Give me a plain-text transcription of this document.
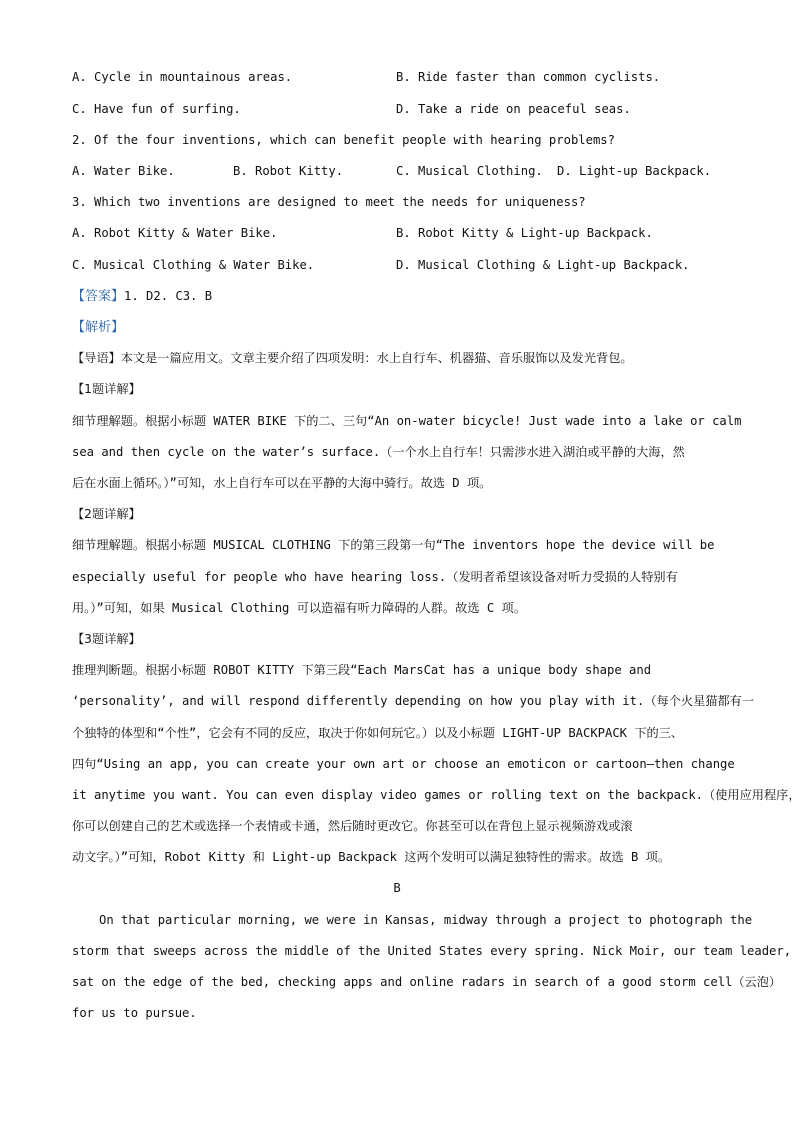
A. Cycle in mountainous areas.	B. Ride faster than common cyclists.
C. Have fun of surfing.	D. Take a ride on peaceful seas.
2. Of the four inventions, which can benefit people with hearing problems?
A. Water Bike.	B. Robot Kitty.	C. Musical Clothing. D. Light-up Backpack.
3. Which two inventions are designed to meet the needs for uniqueness?
A. Robot Kitty & Water Bike.	B. Robot Kitty & Light-up Backpack.
C. Musical Clothing & Water Bike.	D. Musical Clothing & Light-up Backpack.
【答案】1. D2. C3. B
【解析】
【导语】本文是一篇应用文。文章主要介绍了四项发明：水上自行车、机器猫、音乐服饰以及发光背包。
【1题详解】
细节理解题。根据小标题 WATER BIKE 下的二、三句“An on-water bicycle! Just wade into a lake or calm
sea and then cycle on the water’s surface.（一个水上自行车！只需涉水进入湖泊或平静的大海，然
后在水面上循环。）”可知，水上自行车可以在平静的大海中骑行。故选 D 项。
【2题详解】
细节理解题。根据小标题 MUSICAL CLOTHING 下的第三段第一句“The inventors hope the device will be
especially useful for people who have hearing loss.（发明者希望该设备对听力受损的人特别有
用。）”可知，如果 Musical Clothing 可以造福有听力障碍的人群。故选 C 项。
【3题详解】
推理判断题。根据小标题 ROBOT KITTY 下第三段“Each MarsCat has a unique body shape and
‘personality’, and will respond differently depending on how you play with it.（每个火星猫都有一
个独特的体型和“个性”，它会有不同的反应，取决于你如何玩它。）以及小标题 LIGHT-UP BACKPACK 下的三、
四句“Using an app, you can create your own art or choose an emoticon or cartoon—then change
it anytime you want. You can even display video games or rolling text on the backpack.（使用应用程序，
你可以创建自己的艺术或选择一个表情或卡通，然后随时更改它。你甚至可以在背包上显示视频游戏或滚
动文字。）”可知，Robot Kitty 和 Light-up Backpack 这两个发明可以满足独特性的需求。故选 B 项。
B
On that particular morning, we were in Kansas, midway through a project to photograph the
storm that sweeps across the middle of the United States every spring. Nick Moir, our team leader,
sat on the edge of the bed, checking apps and online radars in search of a good storm cell（云泡）
for us to pursue.
